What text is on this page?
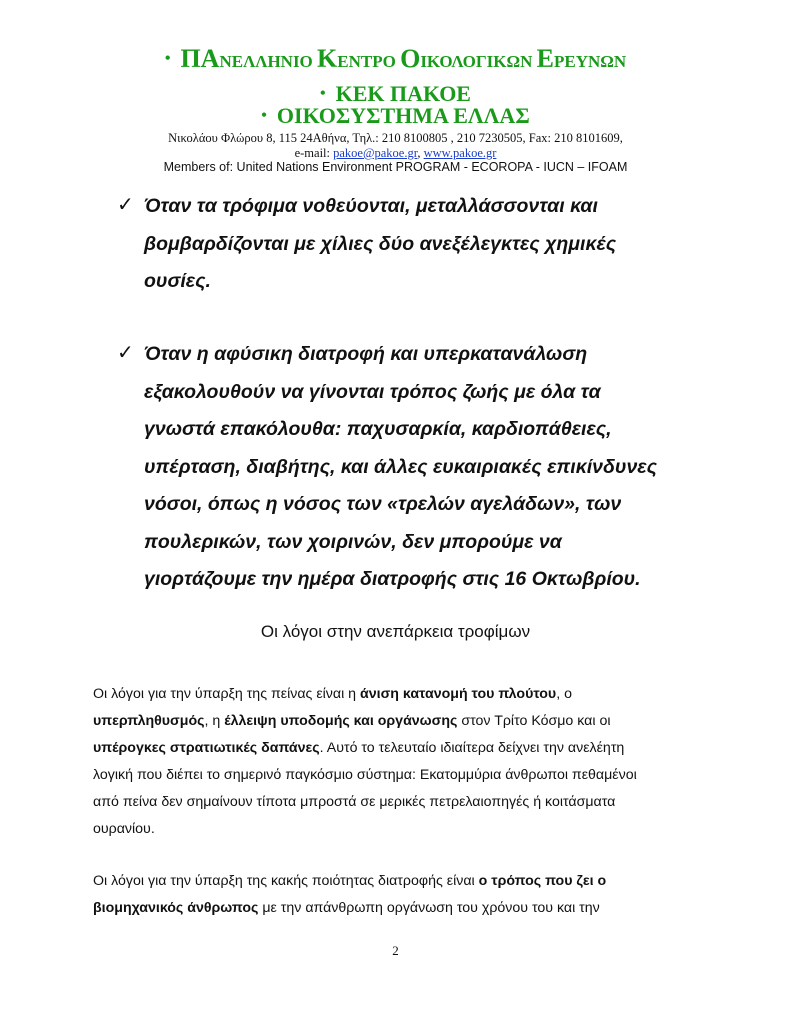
• ΠΑΝΕΛΛΗΝΙΟ ΚΕΝΤΡΟ ΟΙΚΟΛΟΓΙΚΩΝ ΕΡΕΥΝΩΝ
• ΚΕΚ ΠΑΚΟΕ
• ΟΙΚΟΣΥΣΤΗΜΑ ΕΛΛΑΣ
Νικολάου Φλώρου 8, 115 24Αθήνα, Τηλ.: 210 8100805 , 210 7230505, Fax: 210 8101609,
e-mail: pakoe@pakoe.gr, www.pakoe.gr
Members of: United Nations Environment PROGRAM - ECOROPA - IUCN – IFOAM
✓ Όταν τα τρόφιμα νοθεύονται, μεταλλάσσονται και
βομβαρδίζονται με χίλιες δύο ανεξέλεγκτες χημικές
ουσίες.
✓ Όταν η αφύσικη διατροφή και υπερκατανάλωση
εξακολουθούν να γίνονται τρόπος ζωής με όλα τα
γνωστά επακόλουθα: παχυσαρκία, καρδιοπάθειες,
υπέρταση, διαβήτης, και άλλες ευκαιριακές επικίνδυνες
νόσοι, όπως η νόσος των «τρελών αγελάδων», των
πουλερικών, των χοιρινών, δεν μπορούμε να
γιορτάζουμε την ημέρα διατροφής στις 16 Οκτωβρίου.
Οι λόγοι στην ανεπάρκεια τροφίμων
Οι λόγοι για την ύπαρξη της πείνας είναι η άνιση κατανομή του πλούτου, ο
υπερπληθυσμός, η έλλειψη υποδομής και οργάνωσης στον Τρίτο Κόσμο και οι
υπέρογκες στρατιωτικές δαπάνες. Αυτό το τελευταίο ιδιαίτερα δείχνει την ανελέητη
λογική που διέπει το σημερινό παγκόσμιο σύστημα: Εκατομμύρια άνθρωποι πεθαμένοι
από πείνα δεν σημαίνουν τίποτα μπροστά σε μερικές πετρελαιοπηγές ή κοιτάσματα
ουρανίου.
Οι λόγοι για την ύπαρξη της κακής ποιότητας διατροφής είναι ο τρόπος που ζει ο
βιομηχανικός άνθρωπος με την απάνθρωπη οργάνωση του χρόνου του και την
2
